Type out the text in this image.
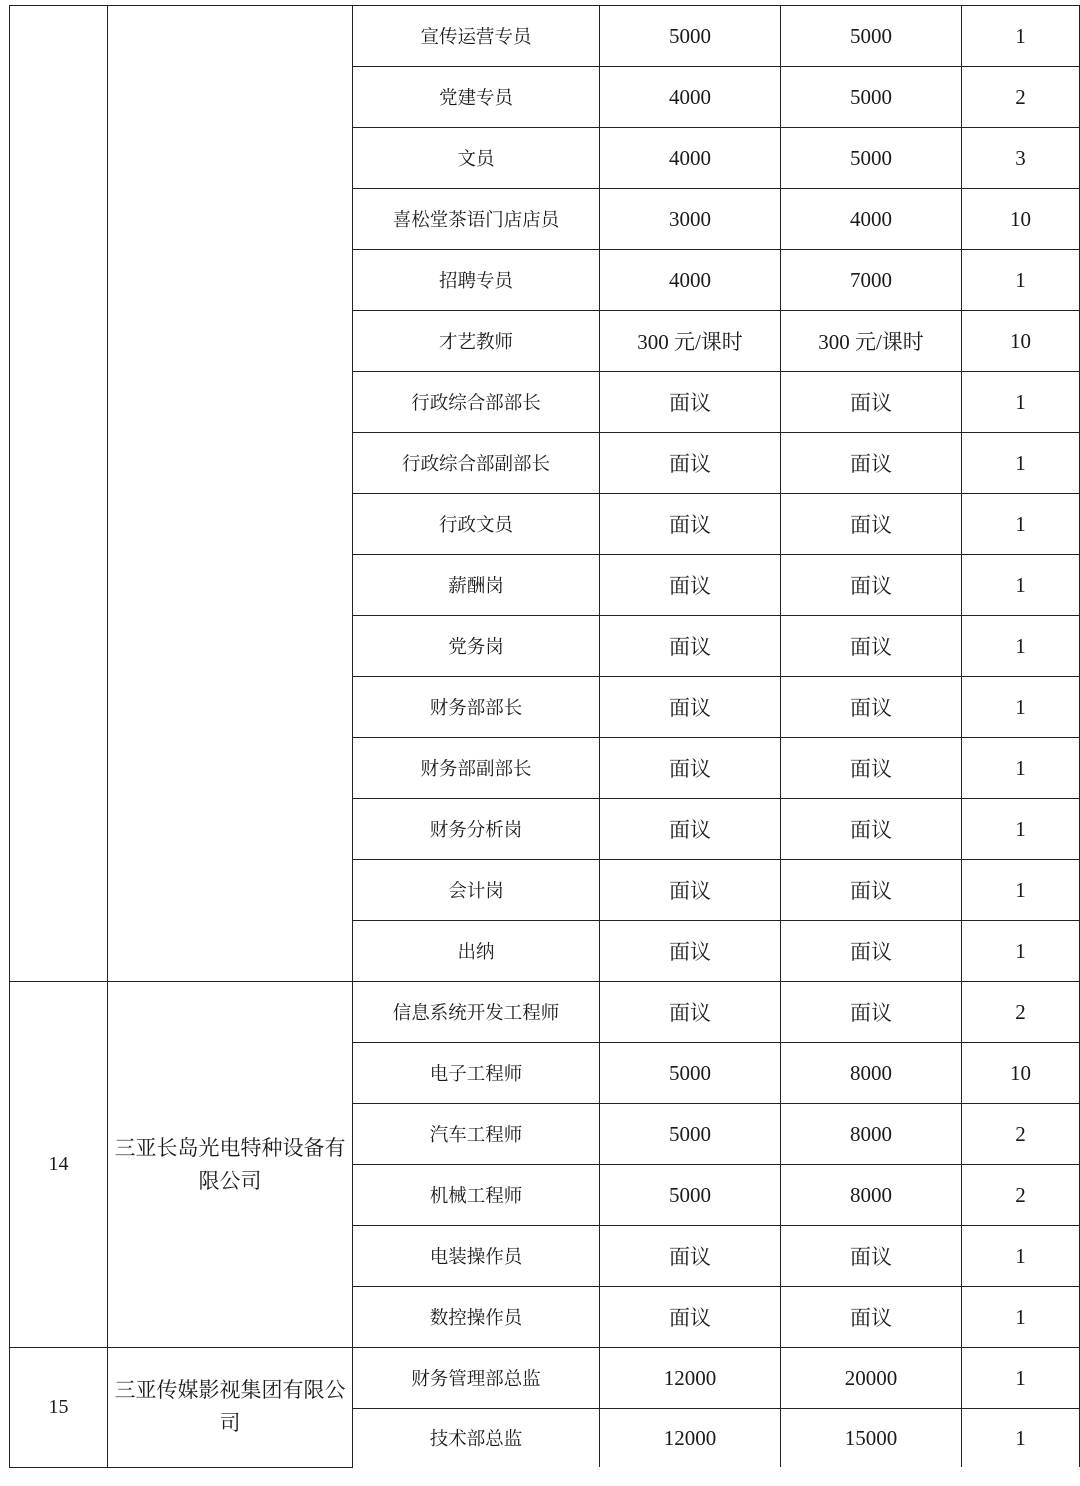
		宣传运营专员	5000	5000	1
		党建专员	4000	5000	2
		文员	4000	5000	3
		喜松堂茶语门店店员	3000	4000	10
		招聘专员	4000	7000	1
		才艺教师	300 元/课时	300 元/课时	10
		行政综合部部长	面议	面议	1
		行政综合部副部长	面议	面议	1
		行政文员	面议	面议	1
		薪酬岗	面议	面议	1
		党务岗	面议	面议	1
		财务部部长	面议	面议	1
		财务部副部长	面议	面议	1
		财务分析岗	面议	面议	1
		会计岗	面议	面议	1
		出纳	面议	面议	1
14	三亚长岛光电特种设备有限公司	信息系统开发工程师	面议	面议	2
		电子工程师	5000	8000	10
		汽车工程师	5000	8000	2
		机械工程师	5000	8000	2
		电装操作员	面议	面议	1
		数控操作员	面议	面议	1
15	三亚传媒影视集团有限公司	财务管理部总监	12000	20000	1
		技术部总监	12000	15000	1
